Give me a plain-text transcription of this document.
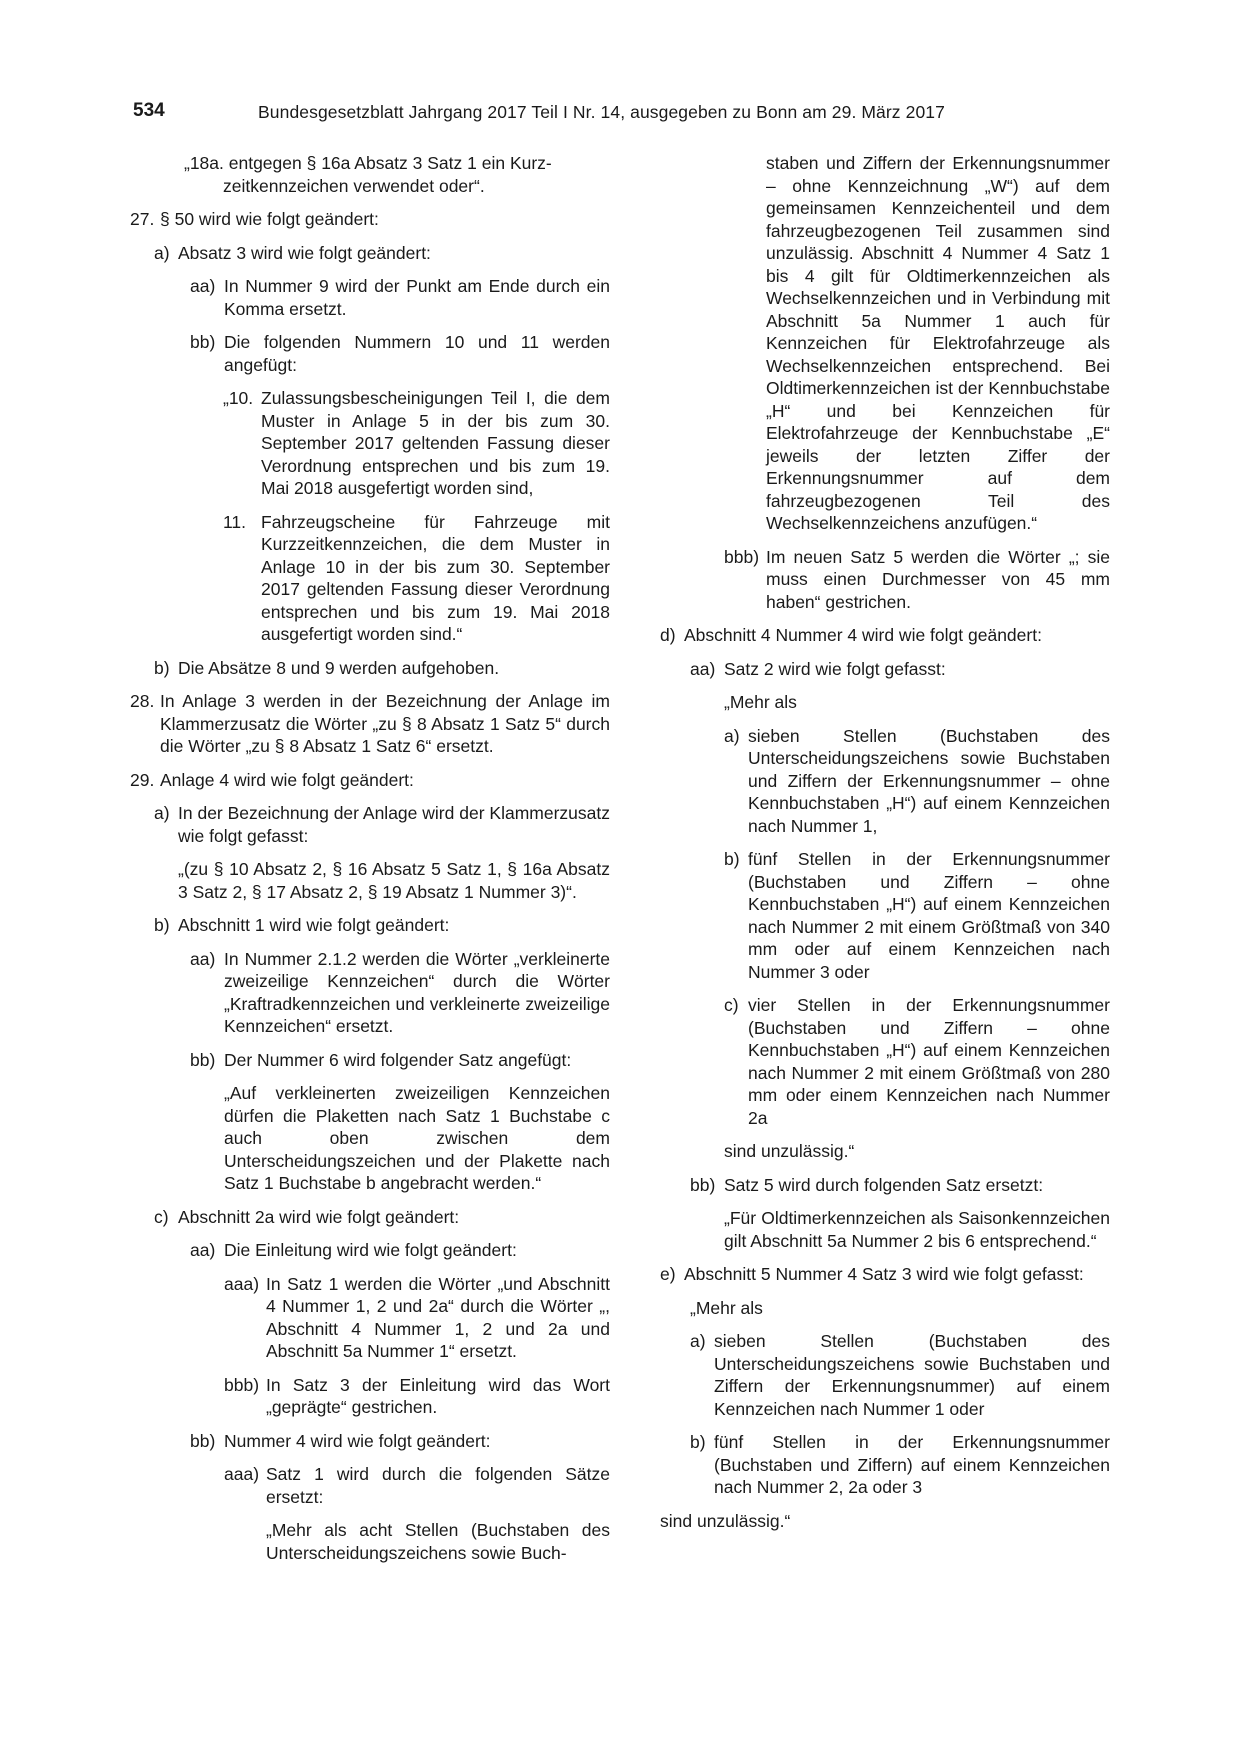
534	Bundesgesetzblatt Jahrgang 2017 Teil I Nr. 14, ausgegeben zu Bonn am 29. März 2017
„18a. entgegen § 16a Absatz 3 Satz 1 ein Kurz-
zeitkennzeichen verwendet oder“.
27. § 50 wird wie folgt geändert:
a) Absatz 3 wird wie folgt geändert:
aa) In Nummer 9 wird der Punkt am Ende durch ein Komma ersetzt.
bb) Die folgenden Nummern 10 und 11 werden angefügt:
„10. Zulassungsbescheinigungen Teil I, die dem Muster in Anlage 5 in der bis zum 30. September 2017 geltenden Fassung dieser Verordnung entsprechen und bis zum 19. Mai 2018 ausgefertigt worden sind,
11. Fahrzeugscheine für Fahrzeuge mit Kurzzeitkennzeichen, die dem Muster in Anlage 10 in der bis zum 30. September 2017 geltenden Fassung dieser Verordnung entsprechen und bis zum 19. Mai 2018 ausgefertigt worden sind.“
b) Die Absätze 8 und 9 werden aufgehoben.
28. In Anlage 3 werden in der Bezeichnung der Anlage im Klammerzusatz die Wörter „zu § 8 Absatz 1 Satz 5“ durch die Wörter „zu § 8 Absatz 1 Satz 6“ ersetzt.
29. Anlage 4 wird wie folgt geändert:
a) In der Bezeichnung der Anlage wird der Klammerzusatz wie folgt gefasst:
„(zu § 10 Absatz 2, § 16 Absatz 5 Satz 1, § 16a Absatz 3 Satz 2, § 17 Absatz 2, § 19 Absatz 1 Nummer 3)“.
b) Abschnitt 1 wird wie folgt geändert:
aa) In Nummer 2.1.2 werden die Wörter „verkleinerte zweizeilige Kennzeichen“ durch die Wörter „Kraftradkennzeichen und verkleinerte zweizeilige Kennzeichen“ ersetzt.
bb) Der Nummer 6 wird folgender Satz angefügt:
„Auf verkleinerten zweizeiligen Kennzeichen dürfen die Plaketten nach Satz 1 Buchstabe c auch oben zwischen dem Unterscheidungszeichen und der Plakette nach Satz 1 Buchstabe b angebracht werden.“
c) Abschnitt 2a wird wie folgt geändert:
aa) Die Einleitung wird wie folgt geändert:
aaa) In Satz 1 werden die Wörter „und Abschnitt 4 Nummer 1, 2 und 2a“ durch die Wörter „, Abschnitt 4 Nummer 1, 2 und 2a und Abschnitt 5a Nummer 1“ ersetzt.
bbb) In Satz 3 der Einleitung wird das Wort „geprägte“ gestrichen.
bb) Nummer 4 wird wie folgt geändert:
aaa) Satz 1 wird durch die folgenden Sätze ersetzt:
„Mehr als acht Stellen (Buchstaben des Unterscheidungszeichens sowie Buch-
staben und Ziffern der Erkennungsnummer – ohne Kennzeichnung „W“) auf dem gemeinsamen Kennzeichenteil und dem fahrzeugbezogenen Teil zusammen sind unzulässig. Abschnitt 4 Nummer 4 Satz 1 bis 4 gilt für Oldtimerkennzeichen als Wechselkennzeichen und in Verbindung mit Abschnitt 5a Nummer 1 auch für Kennzeichen für Elektrofahrzeuge als Wechselkennzeichen entsprechend. Bei Oldtimerkennzeichen ist der Kennbuchstabe „H“ und bei Kennzeichen für Elektrofahrzeuge der Kennbuchstabe „E“ jeweils der letzten Ziffer der Erkennungsnummer auf dem fahrzeugbezogenen Teil des Wechselkennzeichens anzufügen.“
bbb) Im neuen Satz 5 werden die Wörter „; sie muss einen Durchmesser von 45 mm haben“ gestrichen.
d) Abschnitt 4 Nummer 4 wird wie folgt geändert:
aa) Satz 2 wird wie folgt gefasst:
„Mehr als
a) sieben Stellen (Buchstaben des Unterscheidungszeichens sowie Buchstaben und Ziffern der Erkennungsnummer – ohne Kennbuchstaben „H“) auf einem Kennzeichen nach Nummer 1,
b) fünf Stellen in der Erkennungsnummer (Buchstaben und Ziffern – ohne Kennbuchstaben „H“) auf einem Kennzeichen nach Nummer 2 mit einem Größtmaß von 340 mm oder auf einem Kennzeichen nach Nummer 3 oder
c) vier Stellen in der Erkennungsnummer (Buchstaben und Ziffern – ohne Kennbuchstaben „H“) auf einem Kennzeichen nach Nummer 2 mit einem Größtmaß von 280 mm oder einem Kennzeichen nach Nummer 2a
sind unzulässig.“
bb) Satz 5 wird durch folgenden Satz ersetzt:
„Für Oldtimerkennzeichen als Saisonkennzeichen gilt Abschnitt 5a Nummer 2 bis 6 entsprechend.“
e) Abschnitt 5 Nummer 4 Satz 3 wird wie folgt gefasst:
„Mehr als
a) sieben Stellen (Buchstaben des Unterscheidungszeichens sowie Buchstaben und Ziffern der Erkennungsnummer) auf einem Kennzeichen nach Nummer 1 oder
b) fünf Stellen in der Erkennungsnummer (Buchstaben und Ziffern) auf einem Kennzeichen nach Nummer 2, 2a oder 3
sind unzulässig.“
